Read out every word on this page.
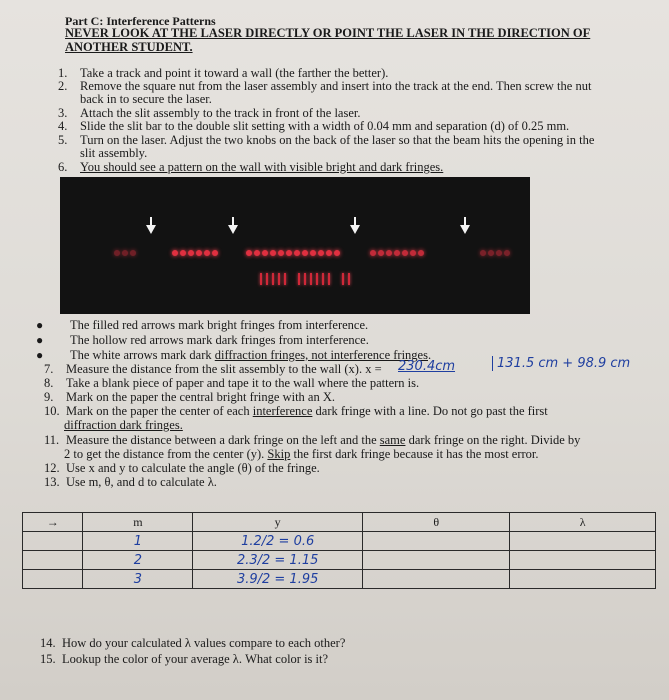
Part C: Interference Patterns
NEVER LOOK AT THE LASER DIRECTLY OR POINT THE LASER IN THE DIRECTION OF
ANOTHER STUDENT.
1. Take a track and point it toward a wall (the farther the better).
2. Remove the square nut from the laser assembly and insert into the track at the end. Then screw the nut
back in to secure the laser.
3. Attach the slit assembly to the track in front of the laser.
4. Slide the slit bar to the double slit setting with a width of 0.04 mm and separation (d) of 0.25 mm.
5. Turn on the laser. Adjust the two knobs on the back of the laser so that the beam hits the opening in the
slit assembly.
6. You should see a pattern on the wall with visible bright and dark fringes.
● The filled red arrows mark bright fringes from interference.
● The hollow red arrows mark dark fringes from interference.
● The white arrows mark dark diffraction fringes, not interference fringes.
7. Measure the distance from the slit assembly to the wall (x). x = 230.4cm	131.5 cm + 98.9 cm
8. Take a blank piece of paper and tape it to the wall where the pattern is.
9. Mark on the paper the central bright fringe with an X.
10. Mark on the paper the center of each interference dark fringe with a line. Do not go past the first
diffraction dark fringes.
11. Measure the distance between a dark fringe on the left and the same dark fringe on the right. Divide by
2 to get the distance from the center (y). Skip the first dark fringe because it has the most error.
12. Use x and y to calculate the angle (θ) of the fringe.
13. Use m, θ, and d to calculate λ.
→	m	y	θ	λ
	1	1.2/2 = 0.6		
	2	2.3/2 = 1.15		
	3	3.9/2 = 1.95		
14. How do your calculated λ values compare to each other?
15. Lookup the color of your average λ. What color is it?
